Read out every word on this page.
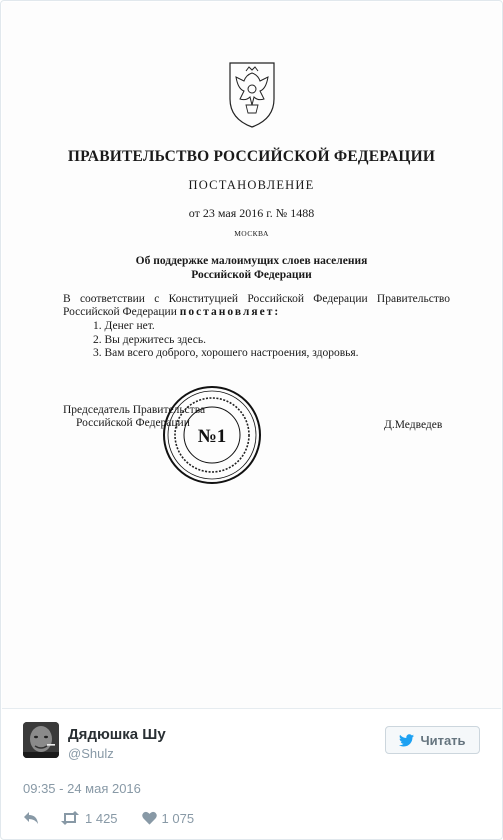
ПРАВИТЕЛЬСТВО РОССИЙСКОЙ ФЕДЕРАЦИИ
ПОСТАНОВЛЕНИЕ
от 23 мая 2016 г. № 1488
МОСКВА
Об поддержке малоимущих слоев населения
Российской Федерации
В соответствии с Конституцией Российской Федерации Правительство Российской Федерации постановляет:
1. Денег нет.
2. Вы держитесь здесь.
3. Вам всего доброго, хорошего настроения, здоровья.
Председатель Правительства
Российской Федерации	Д.Медведев
№1
Дядюшка Шу
@Shulz
Читать
09:35 - 24 мая 2016
1 425	1 075
